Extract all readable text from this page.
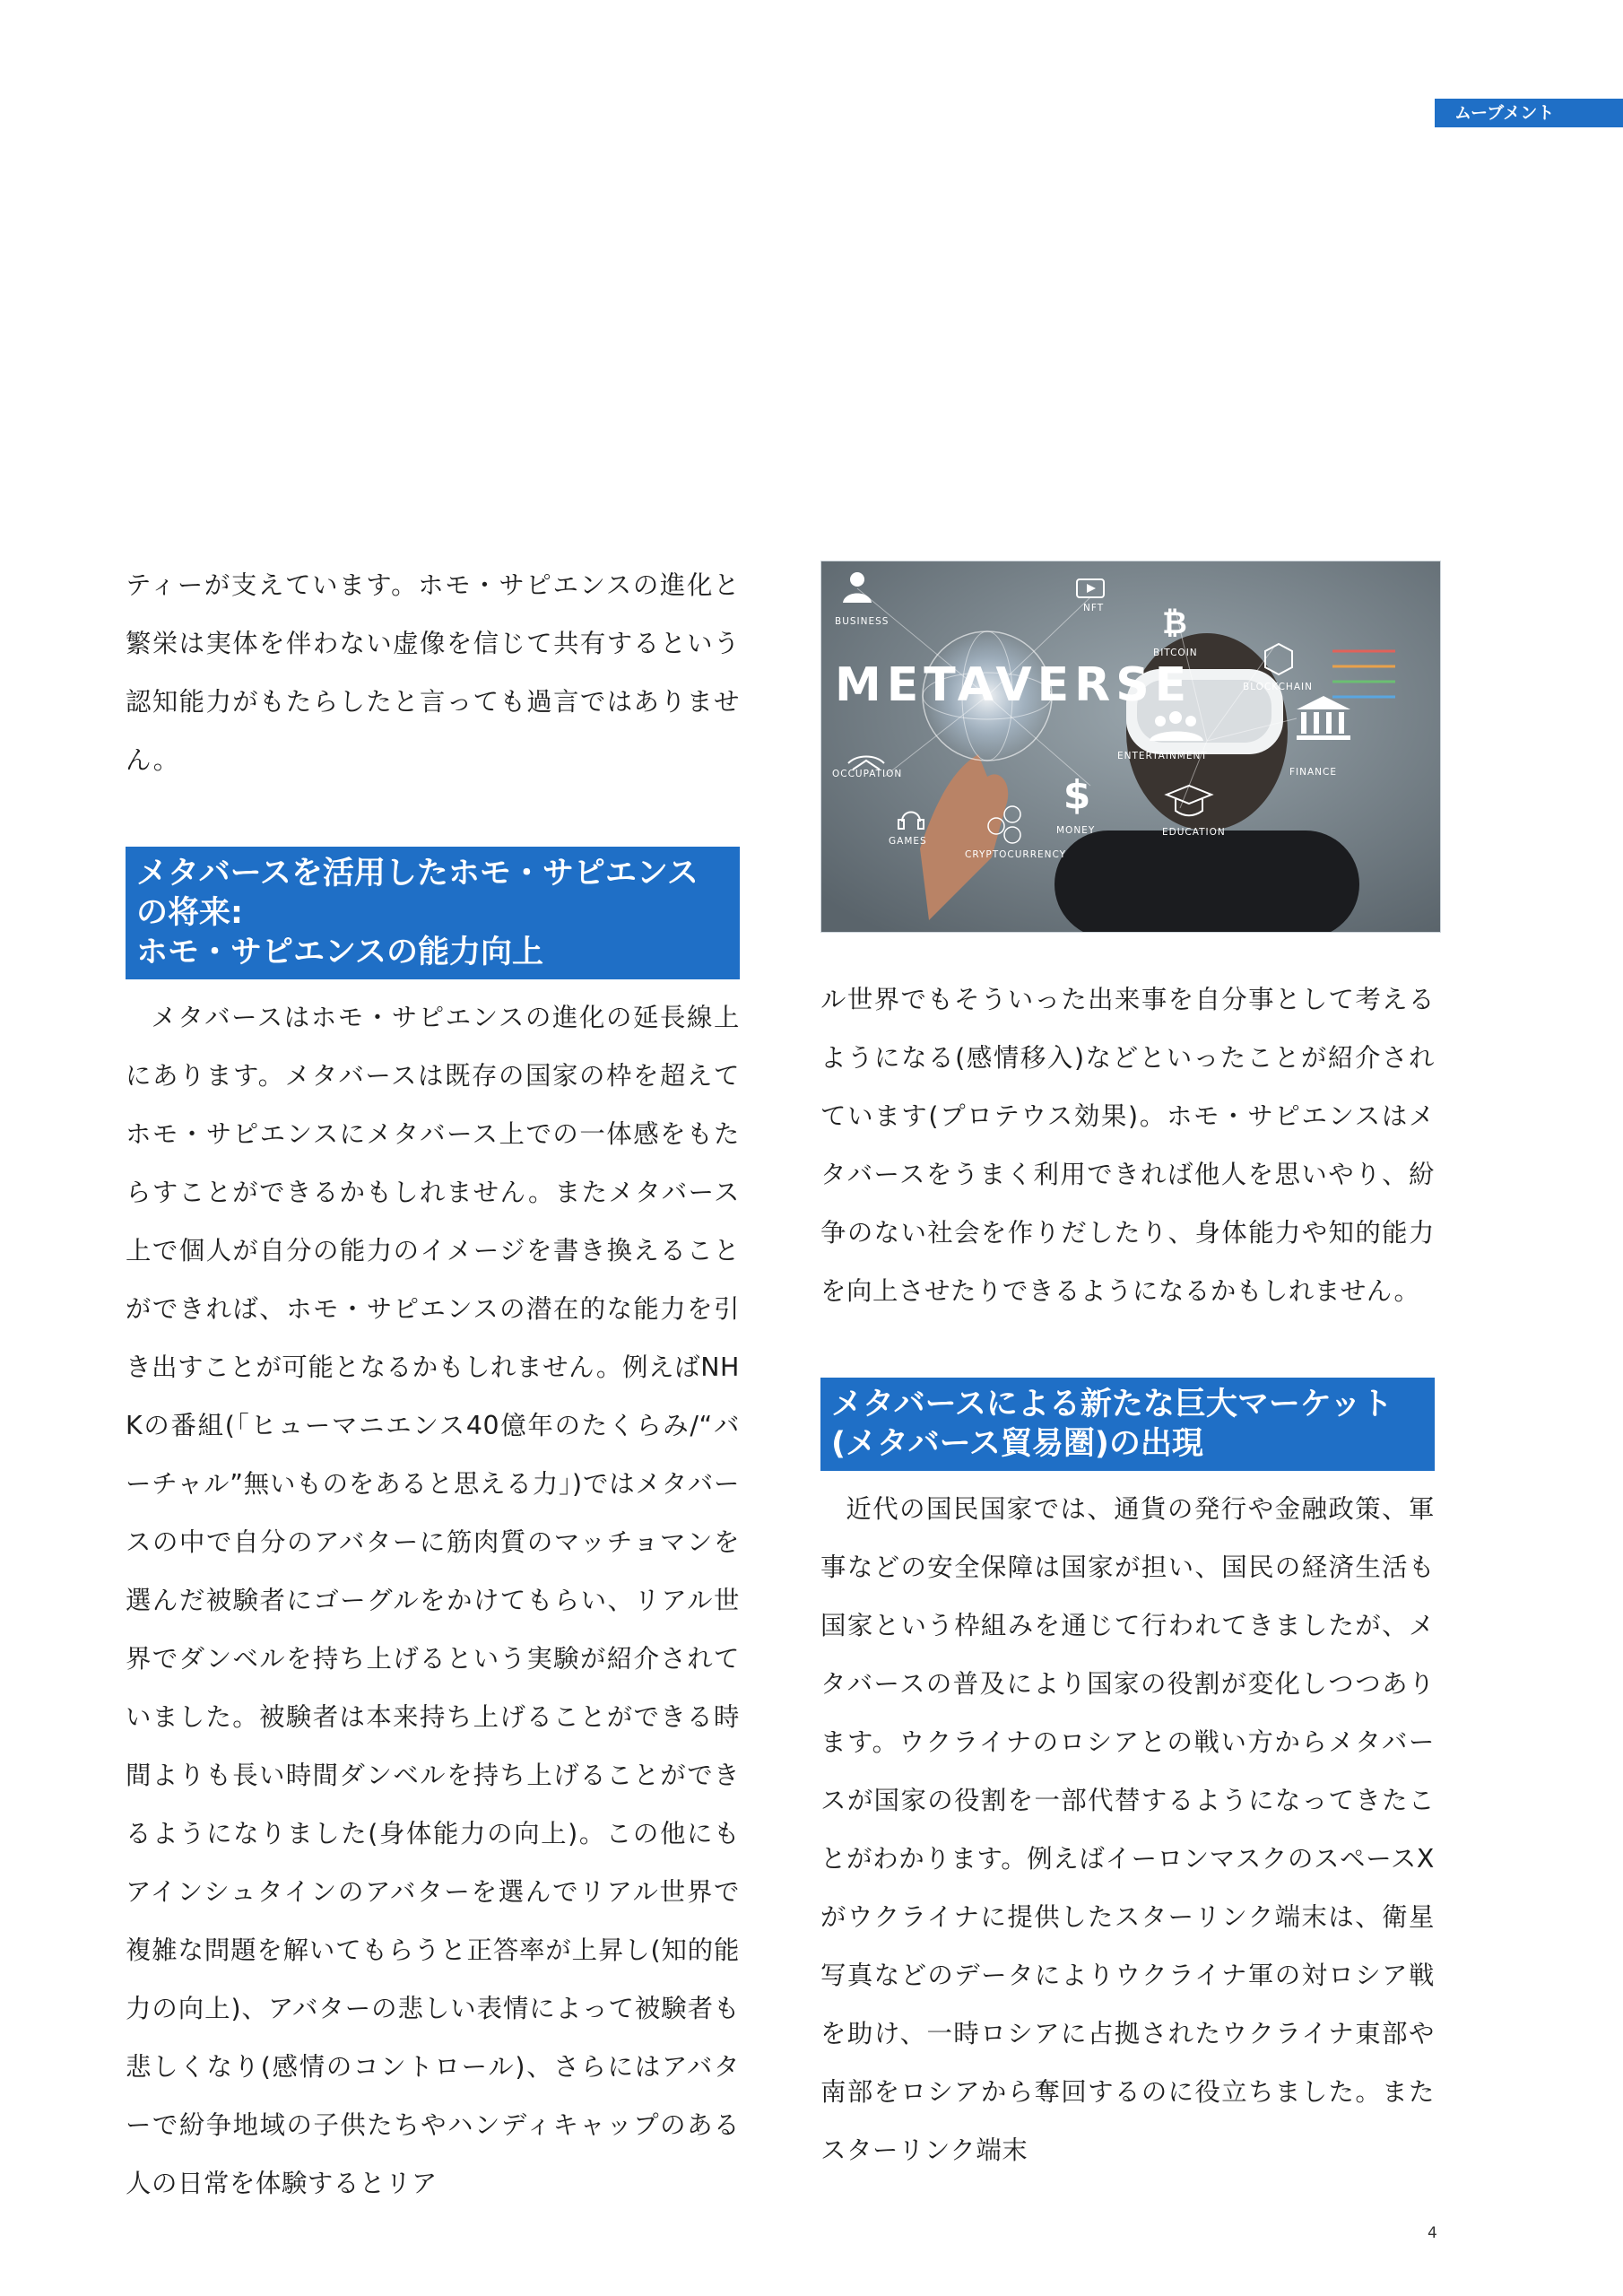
ムーブメント

ティーが支えています。ホモ・サピエンスの進化と繁栄は実体を伴わない虚像を信じて共有するという認知能力がもたらしたと言っても過言ではありません。

メタバースを活用したホモ・サピエンスの将来:
ホモ・サピエンスの能力向上

メタバースはホモ・サピエンスの進化の延長線上にあります。メタバースは既存の国家の枠を超えてホモ・サピエンスにメタバース上での一体感をもたらすことができるかもしれません。またメタバース上で個人が自分の能力のイメージを書き換えることができれば、ホモ・サピエンスの潜在的な能力を引き出すことが可能となるかもしれません。例えばNHKの番組(「ヒューマニエンス40億年のたくらみ/“バーチャル”無いものをあると思える力」)ではメタバースの中で自分のアバターに筋肉質のマッチョマンを選んだ被験者にゴーグルをかけてもらい、リアル世界でダンベルを持ち上げるという実験が紹介されていました。被験者は本来持ち上げることができる時間よりも長い時間ダンベルを持ち上げることができるようになりました(身体能力の向上)。この他にもアインシュタインのアバターを選んでリアル世界で複雑な問題を解いてもらうと正答率が上昇し(知的能力の向上)、アバターの悲しい表情によって被験者も悲しくなり(感情のコントロール)、さらにはアバターで紛争地域の子供たちやハンディキャップのある人の日常を体験するとリア

₿
$
METAVERSE
BUSINESS
NFT
BITCOIN
BLOCKCHAIN
ENTERTAINMENT
FINANCE
OCCUPATION
GAMES
MONEY	EDUCATION
CRYPTOCURRENCY

ル世界でもそういった出来事を自分事として考えるようになる(感情移入)などといったことが紹介されています(プロテウス効果)。ホモ・サピエンスはメタバースをうまく利用できれば他人を思いやり、紛争のない社会を作りだしたり、身体能力や知的能力を向上させたりできるようになるかもしれません。

メタバースによる新たな巨大マーケット
(メタバース貿易圏)の出現

近代の国民国家では、通貨の発行や金融政策、軍事などの安全保障は国家が担い、国民の経済生活も国家という枠組みを通じて行われてきましたが、メタバースの普及により国家の役割が変化しつつあります。ウクライナのロシアとの戦い方からメタバースが国家の役割を一部代替するようになってきたことがわかります。例えばイーロンマスクのスペースXがウクライナに提供したスターリンク端末は、衛星写真などのデータによりウクライナ軍の対ロシア戦を助け、一時ロシアに占拠されたウクライナ東部や南部をロシアから奪回するのに役立ちました。またスターリンク端末

4
